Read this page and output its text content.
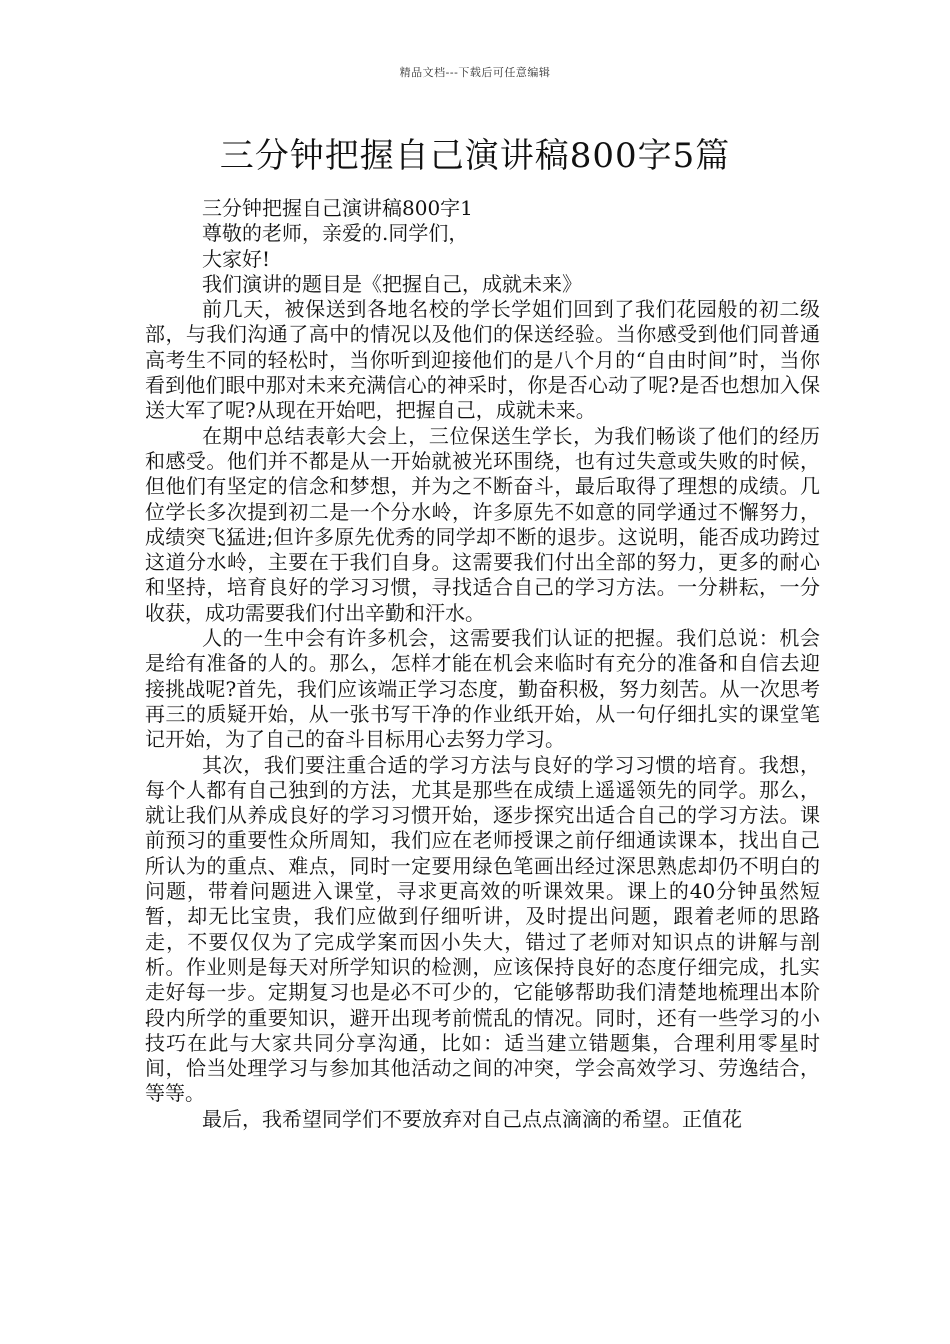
精品文档---下载后可任意编辑
三分钟把握自己演讲稿800字5篇

三分钟把握自己演讲稿800字1

尊敬的老师，亲爱的.同学们，

大家好!

我们演讲的题目是《把握自己，成就未来》

前几天，被保送到各地名校的学长学姐们回到了我们花园般的初二级部，与我们沟通了高中的情况以及他们的保送经验。当你感受到他们同普通高考生不同的轻松时，当你听到迎接他们的是八个月的“自由时间”时，当你看到他们眼中那对未来充满信心的神采时，你是否心动了呢?是否也想加入保送大军了呢?从现在开始吧，把握自己，成就未来。

在期中总结表彰大会上，三位保送生学长，为我们畅谈了他们的经历和感受。他们并不都是从一开始就被光环围绕，也有过失意或失败的时候，但他们有坚定的信念和梦想，并为之不断奋斗，最后取得了理想的成绩。几位学长多次提到初二是一个分水岭，许多原先不如意的同学通过不懈努力，成绩突飞猛进;但许多原先优秀的同学却不断的退步。这说明，能否成功跨过这道分水岭，主要在于我们自身。这需要我们付出全部的努力，更多的耐心和坚持，培育良好的学习习惯，寻找适合自己的学习方法。一分耕耘，一分收获，成功需要我们付出辛勤和汗水。

人的一生中会有许多机会，这需要我们认证的把握。我们总说：机会是给有准备的人的。那么，怎样才能在机会来临时有充分的准备和自信去迎接挑战呢?首先，我们应该端正学习态度，勤奋积极，努力刻苦。从一次思考再三的质疑开始，从一张书写干净的作业纸开始，从一句仔细扎实的课堂笔记开始，为了自己的奋斗目标用心去努力学习。

其次，我们要注重合适的学习方法与良好的学习习惯的培育。我想，每个人都有自己独到的方法，尤其是那些在成绩上遥遥领先的同学。那么，就让我们从养成良好的学习习惯开始，逐步探究出适合自己的学习方法。课前预习的重要性众所周知，我们应在老师授课之前仔细通读课本，找出自己所认为的重点、难点，同时一定要用绿色笔画出经过深思熟虑却仍不明白的问题，带着问题进入课堂，寻求更高效的听课效果。课上的40分钟虽然短暂，却无比宝贵，我们应做到仔细听讲，及时提出问题，跟着老师的思路走，不要仅仅为了完成学案而因小失大，错过了老师对知识点的讲解与剖析。作业则是每天对所学知识的检测，应该保持良好的态度仔细完成，扎实走好每一步。定期复习也是必不可少的，它能够帮助我们清楚地梳理出本阶段内所学的重要知识，避开出现考前慌乱的情况。同时，还有一些学习的小技巧在此与大家共同分享沟通，比如：适当建立错题集，合理利用零星时间，恰当处理学习与参加其他活动之间的冲突，学会高效学习、劳逸结合，等等。

最后，我希望同学们不要放弃对自己点点滴滴的希望。正值花
